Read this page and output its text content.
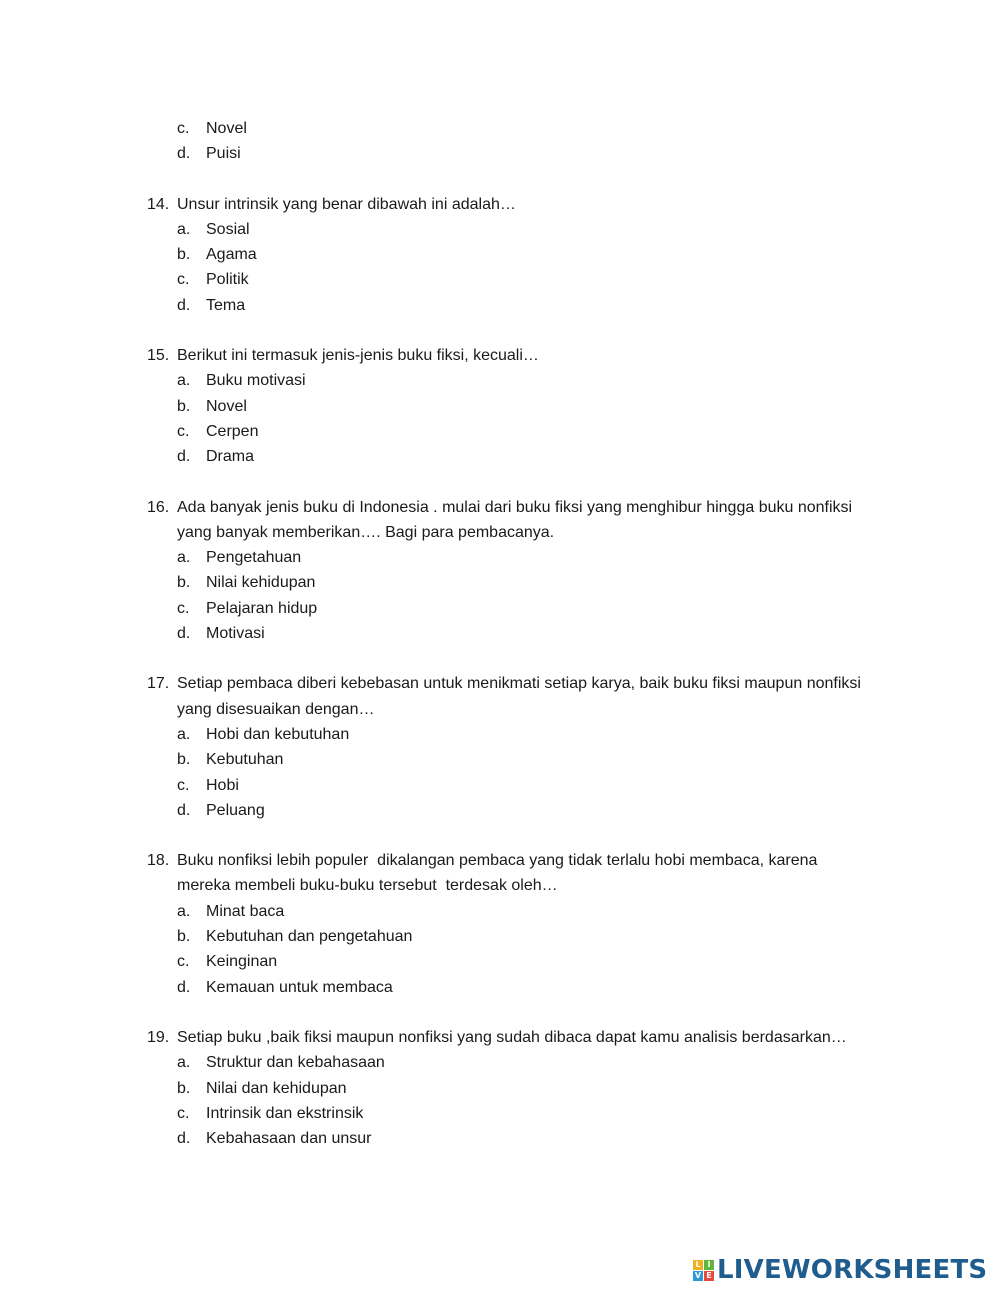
c.	Novel
d. Puisi
14. Unsur intrinsik yang benar dibawah ini adalah…
a. Sosial
b. Agama
c.	Politik
d. Tema
15. Berikut ini termasuk jenis-jenis buku fiksi, kecuali…
a. Buku motivasi
b. Novel
c.	Cerpen
d. Drama
16. Ada banyak jenis buku di Indonesia . mulai dari buku fiksi yang menghibur hingga buku nonfiksi
yang banyak memberikan…. Bagi para pembacanya.
a. Pengetahuan
b. Nilai kehidupan
c.	Pelajaran hidup
d. Motivasi
17. Setiap pembaca diberi kebebasan untuk menikmati setiap karya, baik buku fiksi maupun nonfiksi
yang disesuaikan dengan…
a. Hobi dan kebutuhan
b. Kebutuhan
c.	Hobi
d. Peluang
18. Buku nonfiksi lebih populer  dikalangan pembaca yang tidak terlalu hobi membaca, karena
mereka membeli buku-buku tersebut  terdesak oleh…
a. Minat baca
b. Kebutuhan dan pengetahuan
c.	Keinginan
d. Kemauan untuk membaca
19. Setiap buku ,baik fiksi maupun nonfiksi yang sudah dibaca dapat kamu analisis berdasarkan…
a. Struktur dan kebahasaan
b. Nilai dan kehidupan
c.	Intrinsik dan ekstrinsik
d. Kebahasaan dan unsur
L I
V E LIVEWORKSHEETS
